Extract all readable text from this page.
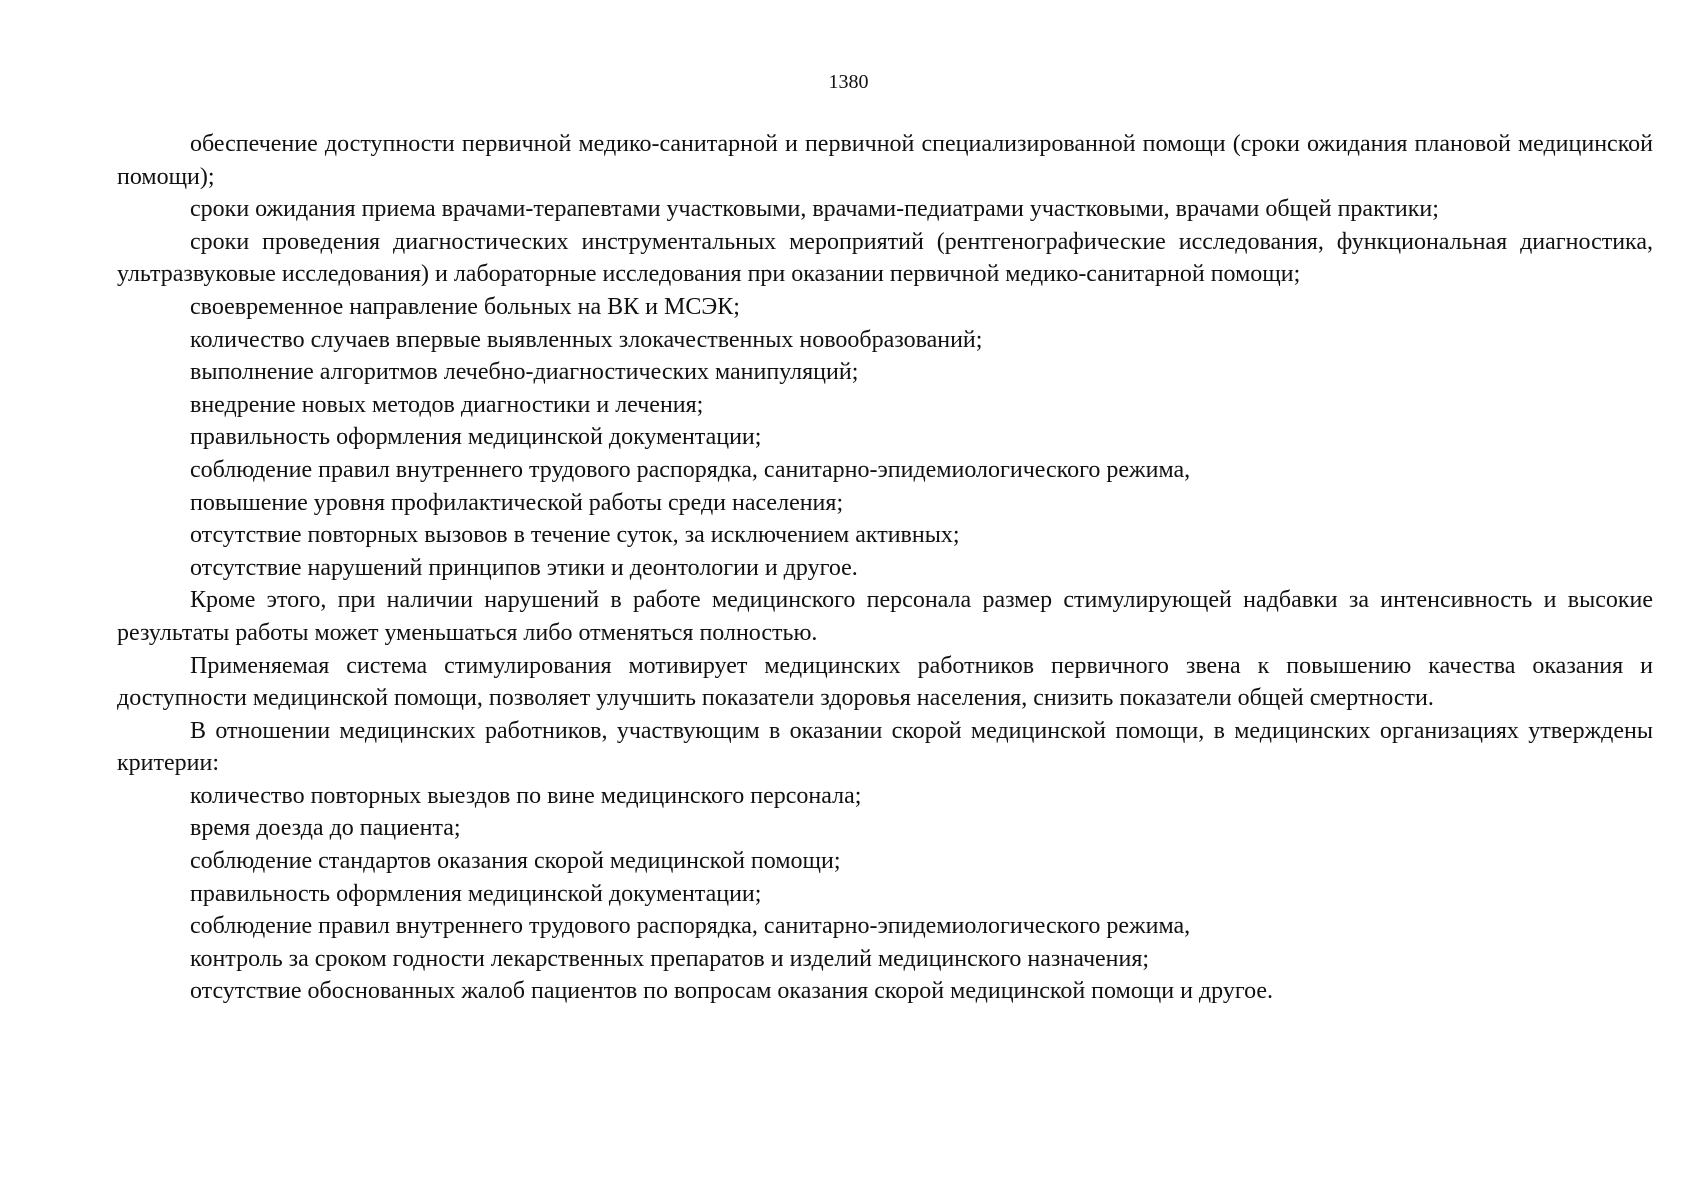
1380

обеспечение доступности первичной медико-санитарной и первичной специализированной помощи (сроки ожидания плановой медицинской помощи);

сроки ожидания приема врачами-терапевтами участковыми, врачами-педиатрами участковыми, врачами общей практики;

сроки проведения диагностических инструментальных мероприятий (рентгенографические исследования, функциональная диагностика, ультразвуковые исследования) и лабораторные исследования при оказании первичной медико-санитарной помощи;

своевременное направление больных на ВК и МСЭК;

количество случаев впервые выявленных злокачественных новообразований;

выполнение алгоритмов лечебно-диагностических манипуляций;

внедрение новых методов диагностики и лечения;

правильность оформления медицинской документации;

соблюдение правил внутреннего трудового распорядка, санитарно-эпидемиологического режима,

повышение уровня профилактической работы среди населения;

отсутствие повторных вызовов в течение суток, за исключением активных;

отсутствие нарушений принципов этики и деонтологии и другое.

Кроме этого, при наличии нарушений в работе медицинского персонала размер стимулирующей надбавки за интенсивность и высокие результаты работы может уменьшаться либо отменяться полностью.

Применяемая система стимулирования мотивирует медицинских работников первичного звена к повышению качества оказания и доступности медицинской помощи, позволяет улучшить показатели здоровья населения, снизить показатели общей смертности.

В отношении медицинских работников, участвующим в оказании скорой медицинской помощи, в медицинских организациях утверждены критерии:

количество повторных выездов по вине медицинского персонала;

время доезда до пациента;

соблюдение стандартов оказания скорой медицинской помощи;

правильность оформления медицинской документации;

соблюдение правил внутреннего трудового распорядка, санитарно-эпидемиологического режима,

контроль за сроком годности лекарственных препаратов и изделий медицинского назначения;

отсутствие обоснованных жалоб пациентов по вопросам оказания скорой медицинской помощи и другое.
